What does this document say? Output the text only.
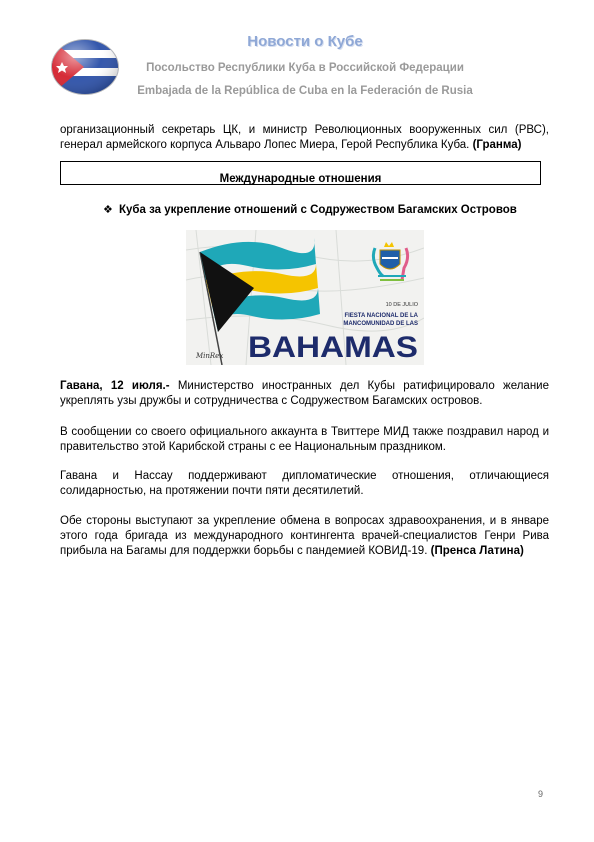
Новости о Кубе
Посольство Республики Куба в Российской Федерации
Embajada de la República de Cuba en la Federación de Rusia
организационный секретарь ЦК, и министр Революционных вооруженных сил (РВС), генерал армейского корпуса Альваро Лопес Миера, Герой Республика Куба. (Гранма)
Международные отношения
❖ Куба за укрепление отношений с Содружеством Багамских Островов
10 DE JULIO
FIESTA NACIONAL DE LA
MANCOMUNIDAD DE LAS
BAHAMAS
MinRex
Гавана, 12 июля.- Министерство иностранных дел Кубы ратифицировало желание укреплять узы дружбы и сотрудничества с Содружеством Багамских островов.
В сообщении со своего официального аккаунта в Твиттере МИД также поздравил народ и правительство этой Карибской страны с ее Национальным праздником.
Гавана и Нассау поддерживают дипломатические отношения, отличающиеся солидарностью, на протяжении почти пяти десятилетий.
Обе стороны выступают за укрепление обмена в вопросах здравоохранения, и в январе этого года бригада из международного контингента врачей-специалистов Генри Рива прибыла на Багамы для поддержки борьбы с пандемией КОВИД-19. (Пренса Латина)
9
